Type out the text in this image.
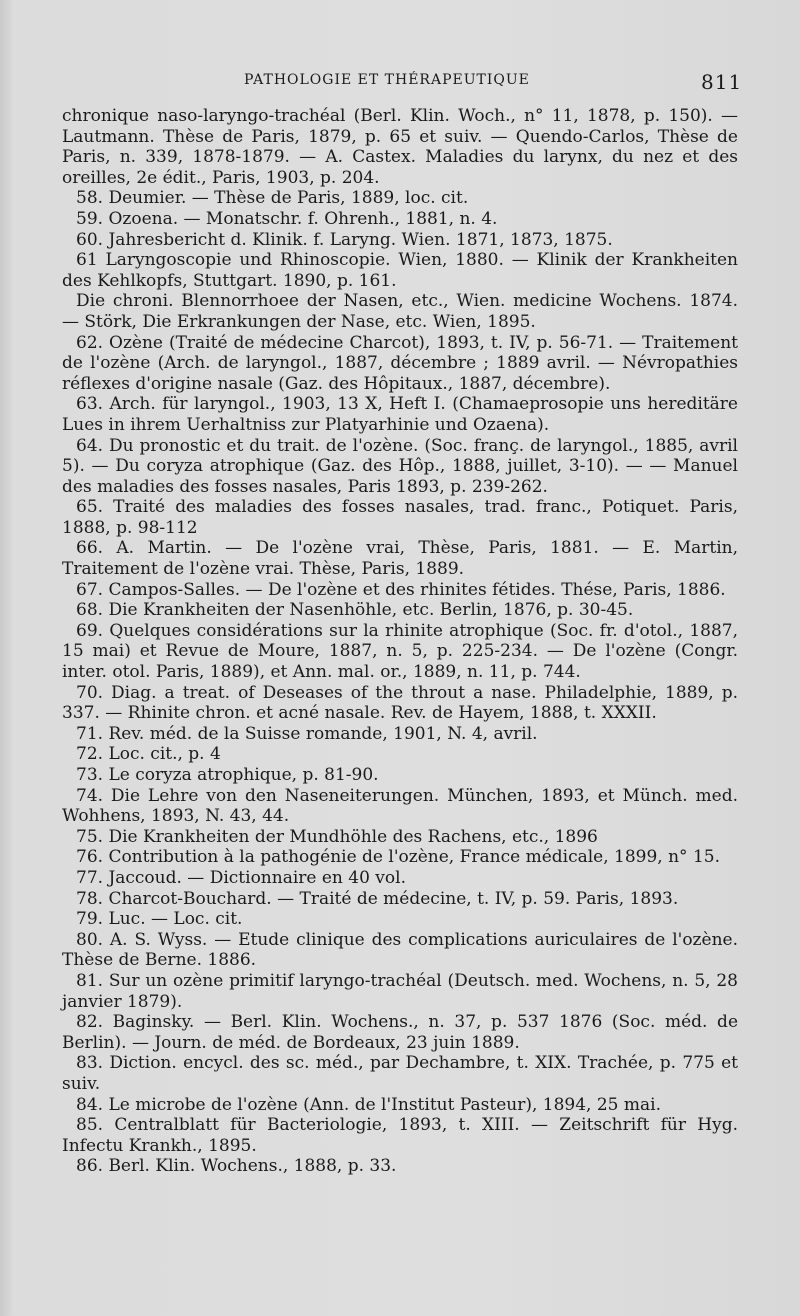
PATHOLOGIE ET THÉRAPEUTIQUE	811

chronique naso-laryngo-trachéal (Berl. Klin. Woch., n° 11, 1878, p. 150). — Lautmann. Thèse de Paris, 1879, p. 65 et suiv. — Quendo-Carlos, Thèse de Paris, n. 339, 1878-1879. — A. Castex. Maladies du larynx, du nez et des oreilles, 2e édit., Paris, 1903, p. 204.

58. Deumier. — Thèse de Paris, 1889, loc. cit.

59. Ozoena. — Monatschr. f. Ohrenh., 1881, n. 4.

60. Jahresbericht d. Klinik. f. Laryng. Wien. 1871, 1873, 1875.

61 Laryngoscopie und Rhinoscopie. Wien, 1880. — Klinik der Krankheiten des Kehlkopfs, Stuttgart. 1890, p. 161.

Die chroni. Blennorrhoee der Nasen, etc., Wien. medicine Wochens. 1874. — Störk, Die Erkrankungen der Nase, etc. Wien, 1895.

62. Ozène (Traité de médecine Charcot), 1893, t. IV, p. 56-71. — Traitement de l'ozène (Arch. de laryngol., 1887, décembre ; 1889 avril. — Névropathies réflexes d'origine nasale (Gaz. des Hôpitaux., 1887, décembre).

63. Arch. für laryngol., 1903, 13 X, Heft I. (Chamaeprosopie uns hereditäre Lues in ihrem Uerhaltniss zur Platyarhinie und Ozaena).

64. Du pronostic et du trait. de l'ozène. (Soc. franç. de laryngol., 1885, avril 5). — Du coryza atrophique (Gaz. des Hôp., 1888, juillet, 3-10). — — Manuel des maladies des fosses nasales, Paris 1893, p. 239-262.

65. Traité des maladies des fosses nasales, trad. franc., Potiquet. Paris, 1888, p. 98-112

66. A. Martin. — De l'ozène vrai, Thèse, Paris, 1881. — E. Martin, Traitement de l'ozène vrai. Thèse, Paris, 1889.

67. Campos-Salles. — De l'ozène et des rhinites fétides. Thése, Paris, 1886.

68. Die Krankheiten der Nasenhöhle, etc. Berlin, 1876, p. 30-45.

69. Quelques considérations sur la rhinite atrophique (Soc. fr. d'otol., 1887, 15 mai) et Revue de Moure, 1887, n. 5, p. 225-234. — De l'ozène (Congr. inter. otol. Paris, 1889), et Ann. mal. or., 1889, n. 11, p. 744.

70. Diag. a treat. of Deseases of the throut a nase. Philadelphie, 1889, p. 337. — Rhinite chron. et acné nasale. Rev. de Hayem, 1888, t. XXXII.

71. Rev. méd. de la Suisse romande, 1901, N. 4, avril.

72. Loc. cit., p. 4

73. Le coryza atrophique, p. 81-90.

74. Die Lehre von den Naseneiterungen. München, 1893, et Münch. med. Wohhens, 1893, N. 43, 44.

75. Die Krankheiten der Mundhöhle des Rachens, etc., 1896

76. Contribution à la pathogénie de l'ozène, France médicale, 1899, n° 15.

77. Jaccoud. — Dictionnaire en 40 vol.

78. Charcot-Bouchard. — Traité de médecine, t. IV, p. 59. Paris, 1893.

79. Luc. — Loc. cit.

80. A. S. Wyss. — Etude clinique des complications auriculaires de l'ozène. Thèse de Berne. 1886.

81. Sur un ozène primitif laryngo-trachéal (Deutsch. med. Wochens, n. 5, 28 janvier 1879).

82. Baginsky. — Berl. Klin. Wochens., n. 37, p. 537 1876 (Soc. méd. de Berlin). — Journ. de méd. de Bordeaux, 23 juin 1889.

83. Diction. encycl. des sc. méd., par Dechambre, t. XIX. Trachée, p. 775 et suiv.

84. Le microbe de l'ozène (Ann. de l'Institut Pasteur), 1894, 25 mai.

85. Centralblatt für Bacteriologie, 1893, t. XIII. — Zeitschrift für Hyg. Infectu Krankh., 1895.

86. Berl. Klin. Wochens., 1888, p. 33.
